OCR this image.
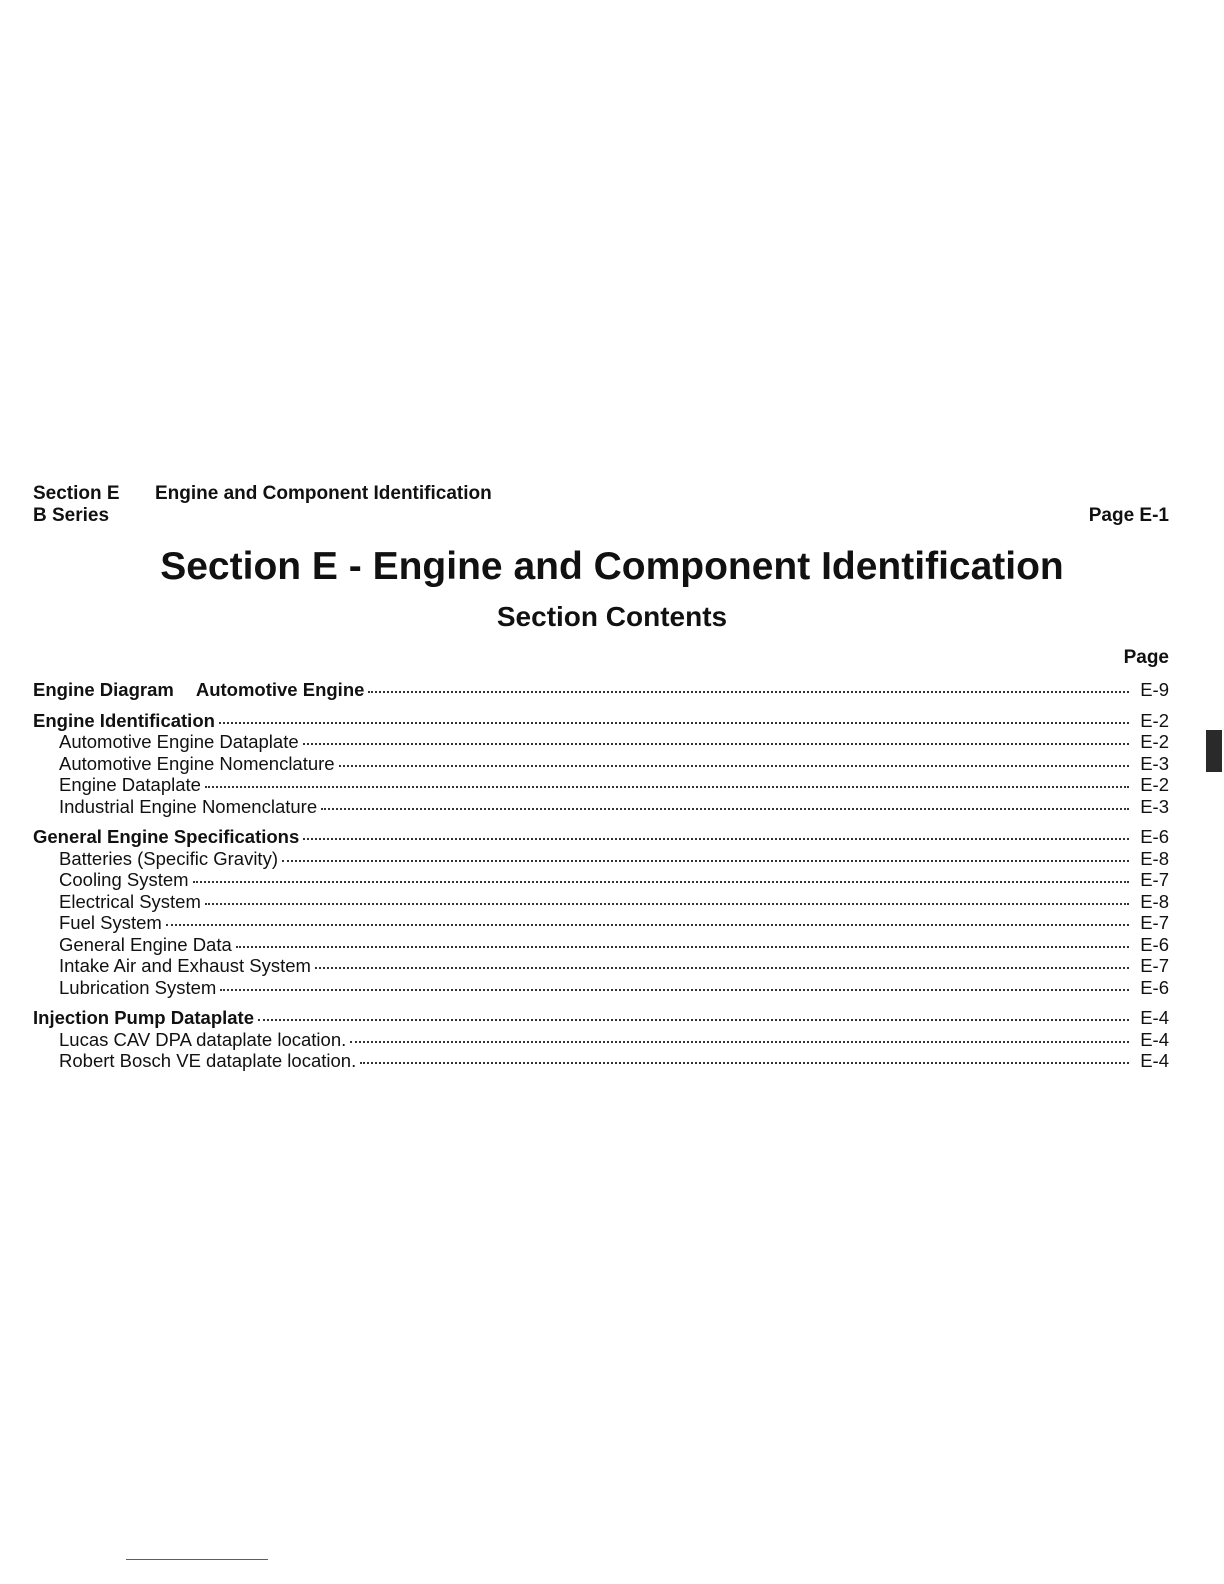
Section E Engine and Component Identification
B Series	Page E-1
Section E - Engine and Component Identification
Section Contents
Page
Engine Diagram Automotive Engine	E-9
Engine Identification	E-2
Automotive Engine Dataplate	E-2
Automotive Engine Nomenclature	E-3
Engine Dataplate	E-2
Industrial Engine Nomenclature	E-3
General Engine Specifications	E-6
Batteries (Specific Gravity)	E-8
Cooling System	E-7
Electrical System	E-8
Fuel System	E-7
General Engine Data	E-6
Intake Air and Exhaust System	E-7
Lubrication System	E-6
Injection Pump Dataplate	E-4
Lucas CAV DPA dataplate location.	E-4
Robert Bosch VE dataplate location.	E-4
